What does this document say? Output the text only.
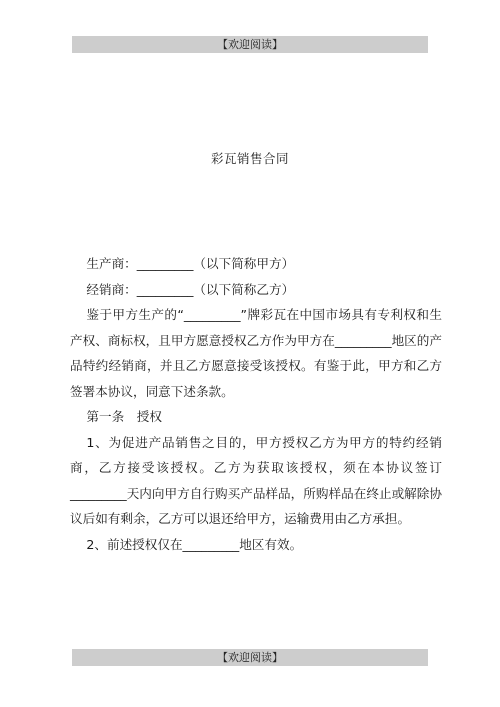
【欢迎阅读】
彩瓦销售合同

生产商：_________（以下简称甲方）

经销商：_________（以下简称乙方）

鉴于甲方生产的“_________”牌彩瓦在中国市场具有专利权和生产权、商标权，且甲方愿意授权乙方作为甲方在_________地区的产品特约经销商，并且乙方愿意接受该授权。有鉴于此，甲方和乙方签署本协议，同意下述条款。

第一条　授权

1、为促进产品销售之目的，甲方授权乙方为甲方的特约经销商，乙方接受该授权。乙方为获取该授权，须在本协议签订_________天内向甲方自行购买产品样品，所购样品在终止或解除协议后如有剩余，乙方可以退还给甲方，运输费用由乙方承担。

2、前述授权仅在_________地区有效。

【欢迎阅读】
